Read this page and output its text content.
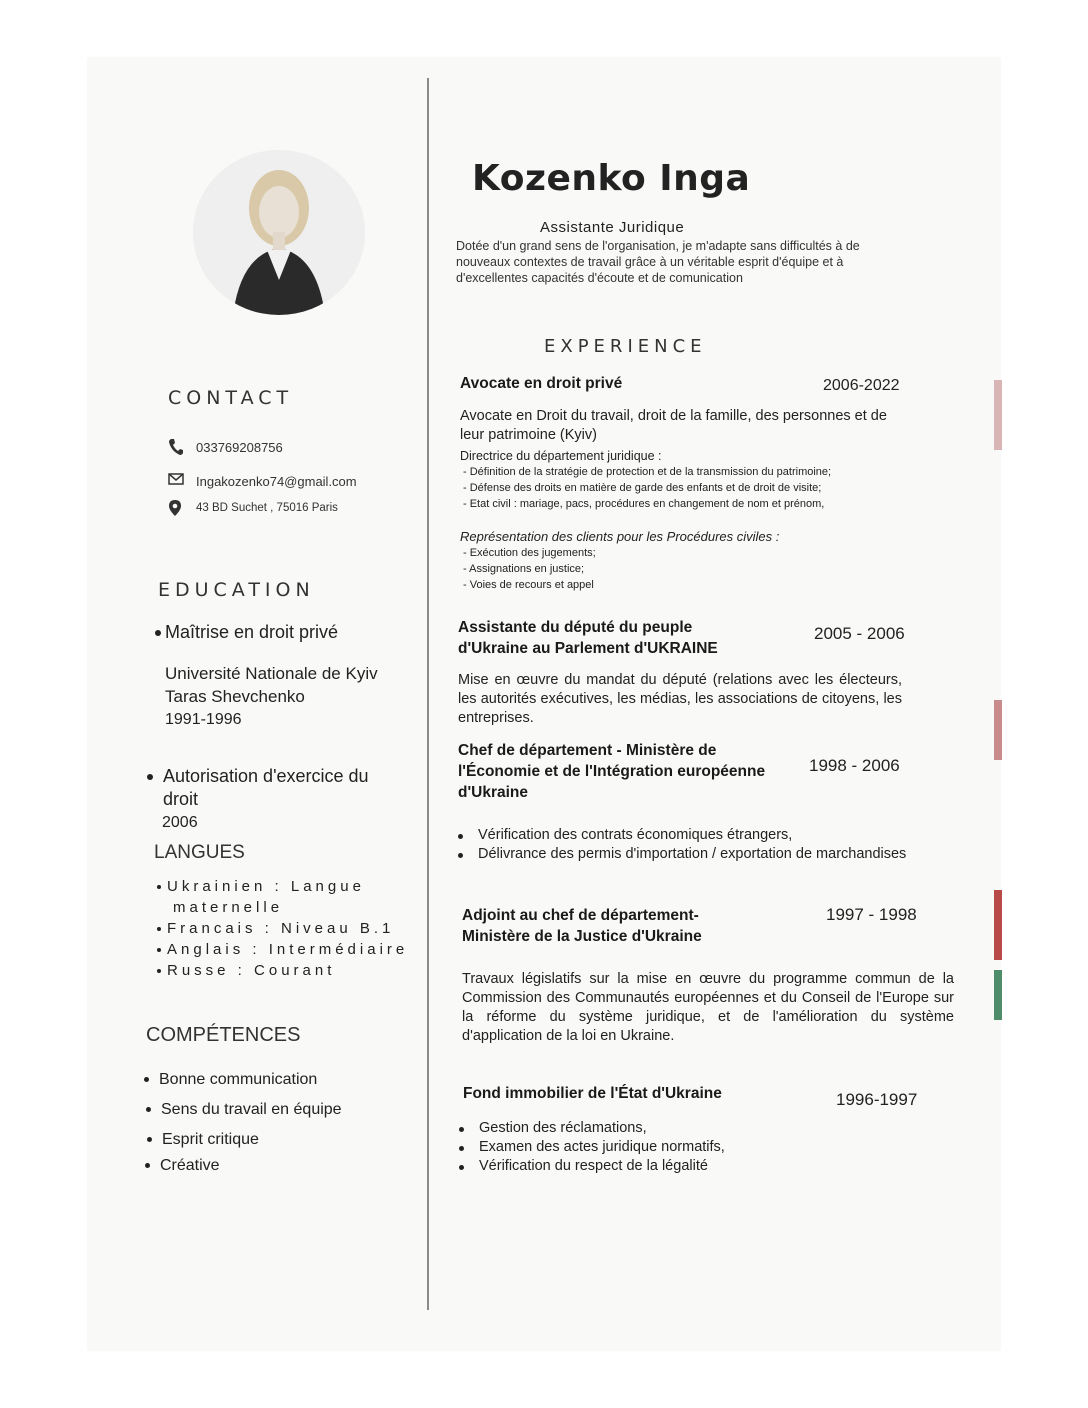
CONTACT
033769208756
Ingakozenko74@gmail.com
43 BD Suchet , 75016 Paris
EDUCATION
Maîtrise en droit privé
Université Nationale de Kyiv
Taras Shevchenko
1991-1996
Autorisation d'exercice du
droit
2006
LANGUES
Ukrainien : Langue
maternelle
Francais : Niveau B.1
Anglais : Intermédiaire
Russe : Courant
COMPÉTENCES
Bonne communication
Sens du travail en équipe
Esprit critique
Créative
Kozenko Inga
Assistante Juridique
Dotée d'un grand sens de l'organisation, je m'adapte sans difficultés à de nouveaux contextes de travail grâce à un véritable esprit d'équipe et à d'excellentes capacités d'écoute et de comunication
EXPERIENCE
Avocate en droit privé	2006-2022
Avocate en Droit du travail, droit de la famille, des personnes et de
leur patrimoine (Kyiv)
Directrice du département juridique :
- Définition de la stratégie de protection et de la transmission du patrimoine;
- Défense des droits en matière de garde des enfants et de droit de visite;
- Etat civil : mariage, pacs, procédures en changement de nom et prénom,
Représentation des clients pour les Procédures civiles :
- Exécution des jugements;
- Assignations en justice;
- Voies de recours et appel
Assistante du député du peuple
d'Ukraine au Parlement d'UKRAINE
2005 - 2006
Mise en œuvre du mandat du député (relations avec les électeurs, les autorités exécutives, les médias, les associations de citoyens, les entreprises.
Chef de département - Ministère de
l'Économie et de l'Intégration européenne
d'Ukraine
1998 - 2006
Vérification des contrats économiques étrangers,
Délivrance des permis d'importation / exportation de marchandises
Adjoint au chef de département-
Ministère de la Justice d'Ukraine
1997 - 1998
Travaux législatifs sur la mise en œuvre du programme commun de la Commission des Communautés européennes et du Conseil de l'Europe sur la réforme du système juridique, et de l'amélioration du système d'application de la loi en Ukraine.
Fond immobilier de l'État d'Ukraine	1996-1997
Gestion des réclamations,
Examen des actes juridique normatifs,
Vérification du respect de la légalité
